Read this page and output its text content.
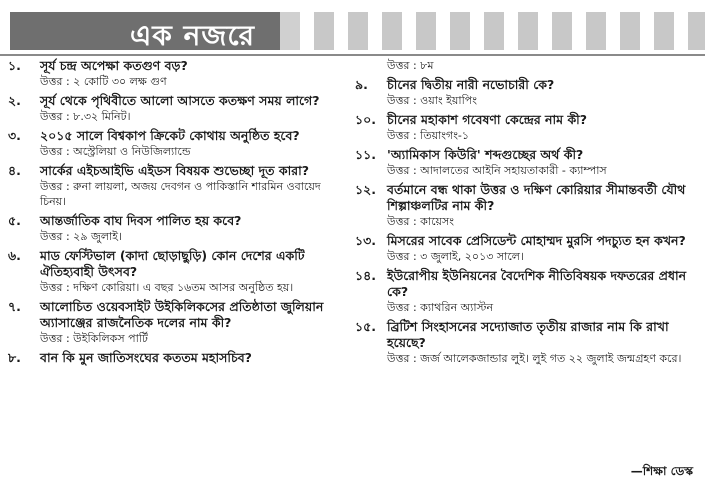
এক নজরে
১.	সূর্য চন্দ্র অপেক্ষা কতগুণ বড়?
উত্তর : ২ কোটি ৩০ লক্ষ গুণ
২.	সূর্য থেকে পৃথিবীতে আলো আসতে কতক্ষণ সময় লাগে?
উত্তর : ৮.৩২ মিনিট।
৩.	২০১৫ সালে বিশ্বকাপ ক্রিকেট কোথায় অনুষ্ঠিত হবে?
উত্তর : অস্ট্রেলিয়া ও নিউজিল্যান্ডে
৪.	সার্কের এইচআইভি এইডস বিষয়ক শুভেচ্ছা দূত কারা?
উত্তর : রুনা লায়লা, অজয় দেবগন ও পাকিস্তানি শারমিন ওবায়েদ চিনয়।
৫.	আন্তর্জাতিক বাঘ দিবস পালিত হয় কবে?
উত্তর : ২৯ জুলাই।
৬.	মাড ফেস্টিভাল (কাদা ছোড়াছুড়ি) কোন দেশের একটি ঐতিহ্যবাহী উৎসব?
উত্তর : দক্ষিণ কোরিয়া। এ বছর ১৬তম আসর অনুষ্ঠিত হয়।
৭.	আলোচিত ওয়েবসাইট উইকিলিকসের প্রতিষ্ঠাতা জুলিয়ান অ্যাসাঞ্জের রাজনৈতিক দলের নাম কী?
উত্তর : উইকিলিকস পার্টি
৮.	বান কি মুন জাতিসংঘের কততম মহাসচিব?
উত্তর : ৮ম
৯.	চীনের দ্বিতীয় নারী নভোচারী কে?
উত্তর : ওয়াং ইয়াপিং
১০. চীনের মহাকাশ গবেষণা কেন্দ্রের নাম কী?
উত্তর : তিয়াংগং-১
১১. 'অ্যামিকাস কিউরি' শব্দগুচ্ছের অর্থ কী?
উত্তর : আদালতের আইনি সহায়তাকারী - ক্যাম্পাস
১২. বর্তমানে বন্ধ থাকা উত্তর ও দক্ষিণ কোরিয়ার সীমান্তবর্তী যৌথ শিল্পাঞ্চলটির নাম কী?
উত্তর : কায়েসং
১৩. মিসরের সাবেক প্রেসিডেন্ট মোহাম্মদ মুরসি পদচ্যুত হন কখন?
উত্তর : ৩ জুলাই, ২০১৩ সালে।
১৪. ইউরোপীয় ইউনিয়নের বৈদেশিক নীতিবিষয়ক দফতরের প্রধান কে?
উত্তর : ক্যাথরিন অ্যাস্টন
১৫. ব্রিটিশ সিংহাসনের সদ্যোজাত তৃতীয় রাজার নাম কি রাখা হয়েছে?
উত্তর : জর্জ আলেকজান্ডার লুই। লুই গত ২২ জুলাই জন্মগ্রহণ করে।
—শিক্ষা ডেস্ক
